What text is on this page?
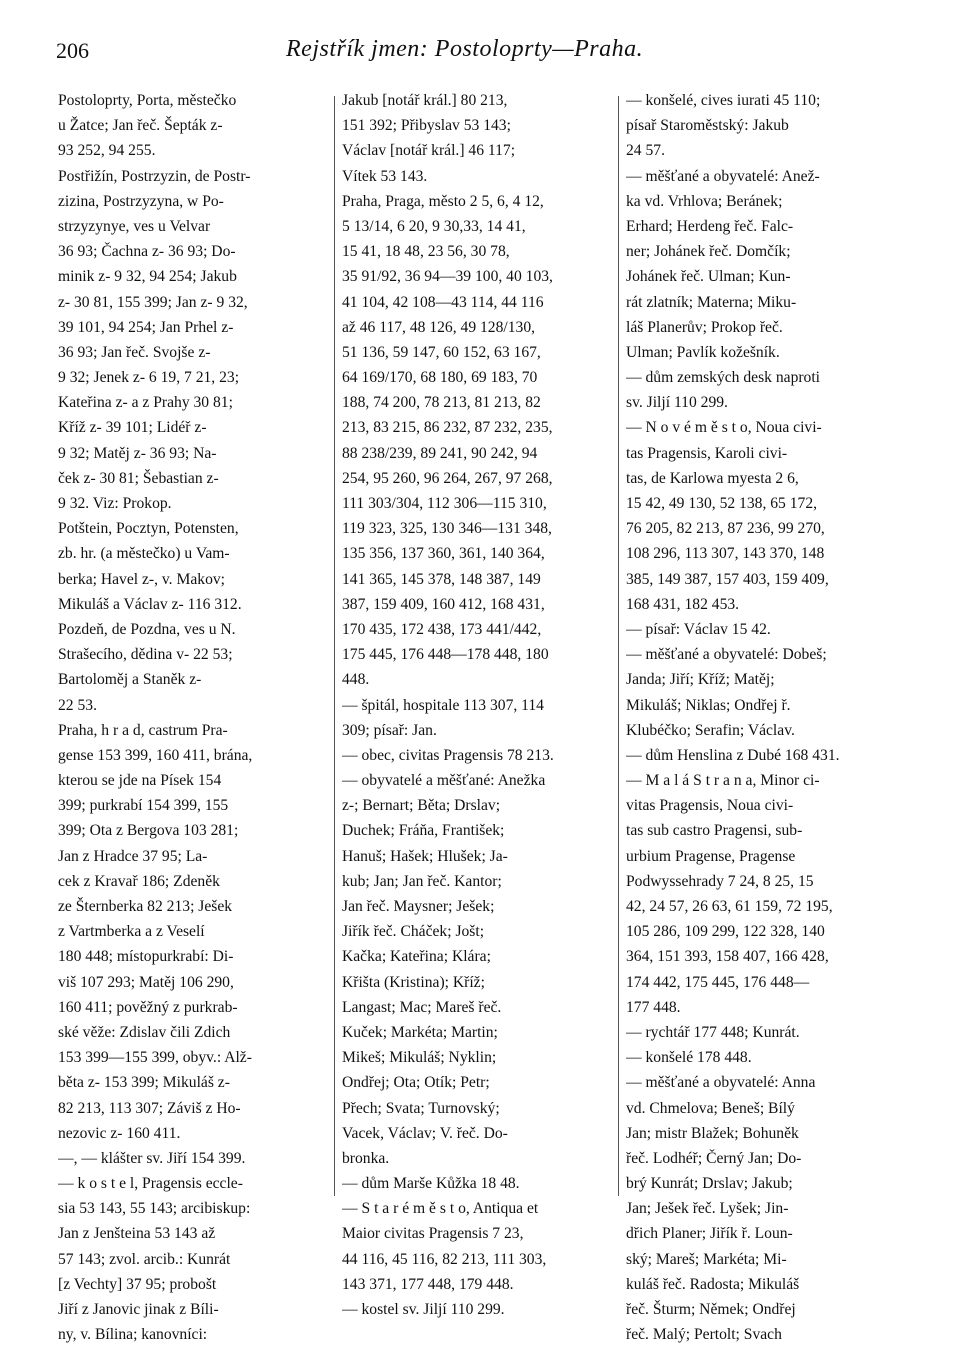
206	Rejstřík jmen: Postoloprty—Praha.
Postoloprty, Porta, městečko
u Žatce; Jan řeč. Šepták z-
93 252, 94 255.
Postřižín, Postrzyzin, de Postr-
zizina, Postrzyzyna, w Po-
strzyzynye, ves u Velvar
36 93; Čachna z- 36 93; Do-
minik z- 9 32, 94 254; Jakub
z- 30 81, 155 399; Jan z- 9 32,
39 101, 94 254; Jan Prhel z-
36 93; Jan řeč. Svojše z-
9 32; Jenek z- 6 19, 7 21, 23;
Kateřina z- a z Prahy 30 81;
Kříž z- 39 101; Lidéř z-
9 32; Matěj z- 36 93; Na-
ček z- 30 81; Šebastian z-
9 32. Viz: Prokop.
Potštein, Pocztyn, Potensten,
zb. hr. (a městečko) u Vam-
berka; Havel z-, v. Makov;
Mikuláš a Václav z- 116 312.
Pozdeň, de Pozdna, ves u N.
Strašecího, dědina v- 22 53;
Bartoloměj a Staněk z-
22 53.
Praha, h r a d, castrum Pra-
gense 153 399, 160 411, brána,
kterou se jde na Písek 154
399; purkrabí 154 399, 155
399; Ota z Bergova 103 281;
Jan z Hradce 37 95; La-
cek z Kravař 186; Zdeněk
ze Šternberka 82 213; Ješek
z Vartmberka a z Veselí
180 448; místopurkrabí: Di-
viš 107 293; Matěj 106 290,
160 411; pověžný z purkrab-
ské věže: Zdislav čili Zdich
153 399—155 399, obyv.: Alž-
běta z- 153 399; Mikuláš z-
82 213, 113 307; Záviš z Ho-
nezovic z- 160 411.
—, — klášter sv. Jiří 154 399.
— k o s t e l, Pragensis eccle-
sia 53 143, 55 143; arcibiskup:
Jan z Jenšteina 53 143 až
57 143; zvol. arcib.: Kunrát
[z Vechty] 37 95; probošt
Jiří z Janovic jinak z Bíli-
ny, v. Bílina; kanovníci:
Jakub [notář král.] 80 213,
151 392; Přibyslav 53 143;
Václav [notář král.] 46 117;
Vítek 53 143.
Praha, Praga, město 2 5, 6, 4 12,
5 13/14, 6 20, 9 30,33, 14 41,
15 41, 18 48, 23 56, 30 78,
35 91/92, 36 94—39 100, 40 103,
41 104, 42 108—43 114, 44 116
až 46 117, 48 126, 49 128/130,
51 136, 59 147, 60 152, 63 167,
64 169/170, 68 180, 69 183, 70
188, 74 200, 78 213, 81 213, 82
213, 83 215, 86 232, 87 232, 235,
88 238/239, 89 241, 90 242, 94
254, 95 260, 96 264, 267, 97 268,
111 303/304, 112 306—115 310,
119 323, 325, 130 346—131 348,
135 356, 137 360, 361, 140 364,
141 365, 145 378, 148 387, 149
387, 159 409, 160 412, 168 431,
170 435, 172 438, 173 441/442,
175 445, 176 448—178 448, 180
448.
— špitál, hospitale 113 307, 114
309; písař: Jan.
— obec, civitas Pragensis 78 213.
— obyvatelé a měšťané: Anežka
z-; Bernart; Běta; Drslav;
Duchek; Fráňa, František;
Hanuš; Hašek; Hlušek; Ja-
kub; Jan; Jan řeč. Kantor;
Jan řeč. Maysner; Ješek;
Jiřík řeč. Cháček; Jošt;
Kačka; Kateřina; Klára;
Křišta (Kristina); Kříž;
Langast; Mac; Mareš řeč.
Kuček; Markéta; Martin;
Mikeš; Mikuláš; Nyklin;
Ondřej; Ota; Otík; Petr;
Přech; Svata; Turnovský;
Vacek, Václav; V. řeč. Do-
bronka.
— dům Marše Kůžka 18 48.
— S t a r é m ě s t o, Antiqua et
Maior civitas Pragensis 7 23,
44 116, 45 116, 82 213, 111 303,
143 371, 177 448, 179 448.
— kostel sv. Jiljí 110 299.
— konšelé, cives iurati 45 110;
písař Staroměstský: Jakub
24 57.
— měšťané a obyvatelé: Anež-
ka vd. Vrhlova; Beránek;
Erhard; Herdeng řeč. Falc-
ner; Johánek řeč. Domčík;
Johánek řeč. Ulman; Kun-
rát zlatník; Materna; Miku-
láš Planerův; Prokop řeč.
Ulman; Pavlík kožešník.
— dům zemských desk naproti
sv. Jiljí 110 299.
— N o v é m ě s t o, Noua civi-
tas Pragensis, Karoli civi-
tas, de Karlowa myesta 2 6,
15 42, 49 130, 52 138, 65 172,
76 205, 82 213, 87 236, 99 270,
108 296, 113 307, 143 370, 148
385, 149 387, 157 403, 159 409,
168 431, 182 453.
— písař: Václav 15 42.
— měšťané a obyvatelé: Dobeš;
Janda; Jiří; Kříž; Matěj;
Mikuláš; Niklas; Ondřej ř.
Klubéčko; Serafin; Václav.
— dům Henslina z Dubé 168 431.
— M a l á S t r a n a, Minor ci-
vitas Pragensis, Noua civi-
tas sub castro Pragensi, sub-
urbium Pragense, Pragense
Podwyssehrady 7 24, 8 25, 15
42, 24 57, 26 63, 61 159, 72 195,
105 286, 109 299, 122 328, 140
364, 151 393, 158 407, 166 428,
174 442, 175 445, 176 448—
177 448.
— rychtář 177 448; Kunrát.
— konšelé 178 448.
— měšťané a obyvatelé: Anna
vd. Chmelova; Beneš; Bílý
Jan; mistr Blažek; Bohuněk
řeč. Lodhéř; Černý Jan; Do-
brý Kunrát; Drslav; Jakub;
Jan; Ješek řeč. Lyšek; Jin-
dřich Planer; Jiřík ř. Loun-
ský; Mareš; Markéta; Mi-
kuláš řeč. Radosta; Mikuláš
řeč. Šturm; Němek; Ondřej
řeč. Malý; Pertolt; Svach
